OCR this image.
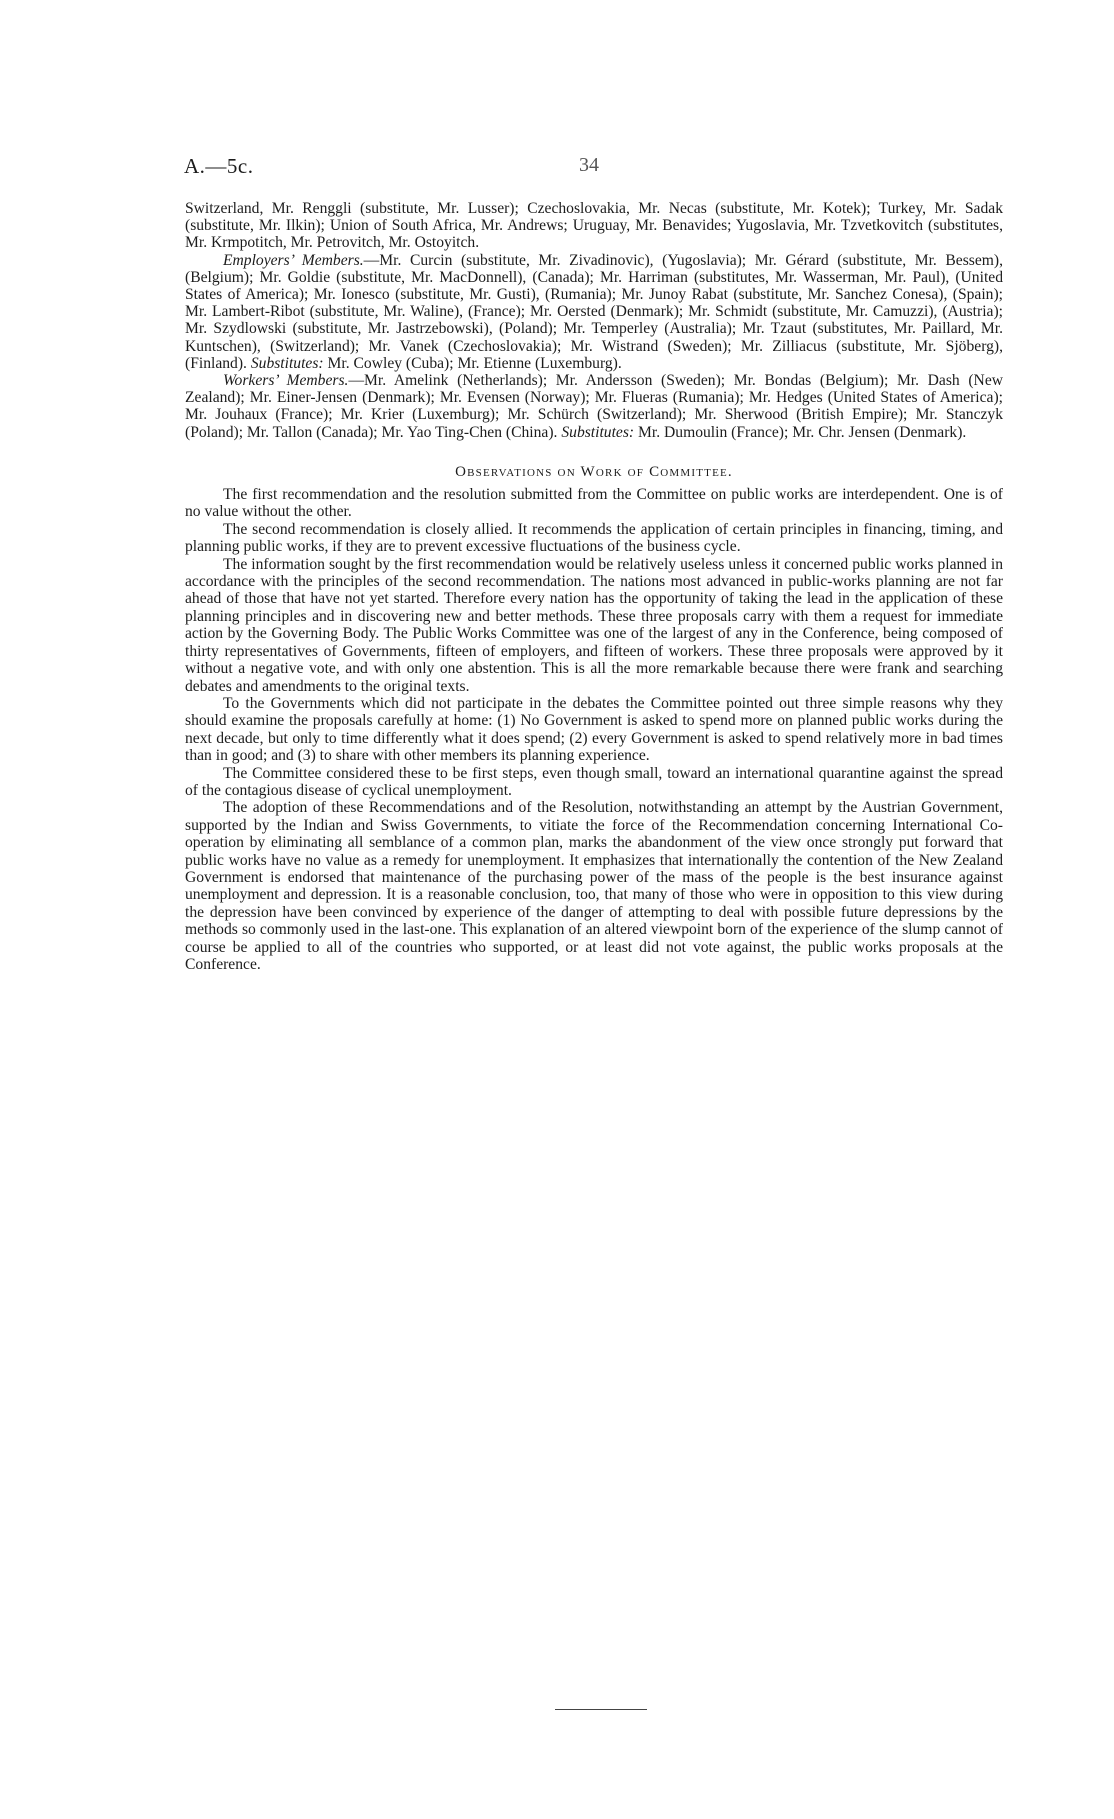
A.—5c.	34

Switzerland, Mr. Renggli (substitute, Mr. Lusser); Czechoslovakia, Mr. Necas (substitute, Mr. Kotek); Turkey, Mr. Sadak (substitute, Mr. Ilkin); Union of South Africa, Mr. Andrews; Uruguay, Mr. Benavides; Yugoslavia, Mr. Tzvetkovitch (substitutes, Mr. Krmpotitch, Mr. Petrovitch, Mr. Ostoyitch.

Employers’ Members.—Mr. Curcin (substitute, Mr. Zivadinovic), (Yugoslavia); Mr. Gérard (substitute, Mr. Bessem), (Belgium); Mr. Goldie (substitute, Mr. MacDonnell), (Canada); Mr. Harriman (substitutes, Mr. Wasserman, Mr. Paul), (United States of America); Mr. Ionesco (substitute, Mr. Gusti), (Rumania); Mr. Junoy Rabat (substitute, Mr. Sanchez Conesa), (Spain); Mr. Lambert-Ribot (substitute, Mr. Waline), (France); Mr. Oersted (Denmark); Mr. Schmidt (substitute, Mr. Camuzzi), (Austria); Mr. Szydlowski (substitute, Mr. Jastrzebowski), (Poland); Mr. Temperley (Australia); Mr. Tzaut (substitutes, Mr. Paillard, Mr. Kuntschen), (Switzerland); Mr. Vanek (Czechoslovakia); Mr. Wistrand (Sweden); Mr. Zilliacus (substitute, Mr. Sjöberg), (Finland). Substitutes: Mr. Cowley (Cuba); Mr. Etienne (Luxemburg).

Workers’ Members.—Mr. Amelink (Netherlands); Mr. Andersson (Sweden); Mr. Bondas (Belgium); Mr. Dash (New Zealand); Mr. Einer-Jensen (Denmark); Mr. Evensen (Norway); Mr. Flueras (Rumania); Mr. Hedges (United States of America); Mr. Jouhaux (France); Mr. Krier (Luxemburg); Mr. Schürch (Switzerland); Mr. Sherwood (British Empire); Mr. Stanczyk (Poland); Mr. Tallon (Canada); Mr. Yao Ting-Chen (China). Substitutes: Mr. Dumoulin (France); Mr. Chr. Jensen (Denmark).

Observations on Work of Committee.

The first recommendation and the resolution submitted from the Committee on public works are interdependent. One is of no value without the other.

The second recommendation is closely allied. It recommends the application of certain principles in financing, timing, and planning public works, if they are to prevent excessive fluctuations of the business cycle.

The information sought by the first recommendation would be relatively useless unless it concerned public works planned in accordance with the principles of the second recommendation. The nations most advanced in public-works planning are not far ahead of those that have not yet started. Therefore every nation has the opportunity of taking the lead in the application of these planning principles and in discovering new and better methods. These three proposals carry with them a request for immediate action by the Governing Body. The Public Works Committee was one of the largest of any in the Conference, being composed of thirty representatives of Governments, fifteen of employers, and fifteen of workers. These three proposals were approved by it without a negative vote, and with only one abstention. This is all the more remarkable because there were frank and searching debates and amendments to the original texts.

To the Governments which did not participate in the debates the Committee pointed out three simple reasons why they should examine the proposals carefully at home: (1) No Government is asked to spend more on planned public works during the next decade, but only to time differently what it does spend; (2) every Government is asked to spend relatively more in bad times than in good; and (3) to share with other members its planning experience.

The Committee considered these to be first steps, even though small, toward an international quarantine against the spread of the contagious disease of cyclical unemployment.

The adoption of these Recommendations and of the Resolution, notwithstanding an attempt by the Austrian Government, supported by the Indian and Swiss Governments, to vitiate the force of the Recommendation concerning International Co-operation by eliminating all semblance of a common plan, marks the abandonment of the view once strongly put forward that public works have no value as a remedy for unemployment. It emphasizes that internationally the contention of the New Zealand Government is endorsed that maintenance of the purchasing power of the mass of the people is the best insurance against unemployment and depression. It is a reasonable conclusion, too, that many of those who were in opposition to this view during the depression have been convinced by experience of the danger of attempting to deal with possible future depressions by the methods so commonly used in the last-one. This explanation of an altered viewpoint born of the experience of the slump cannot of course be applied to all of the countries who supported, or at least did not vote against, the public works proposals at the Conference.
